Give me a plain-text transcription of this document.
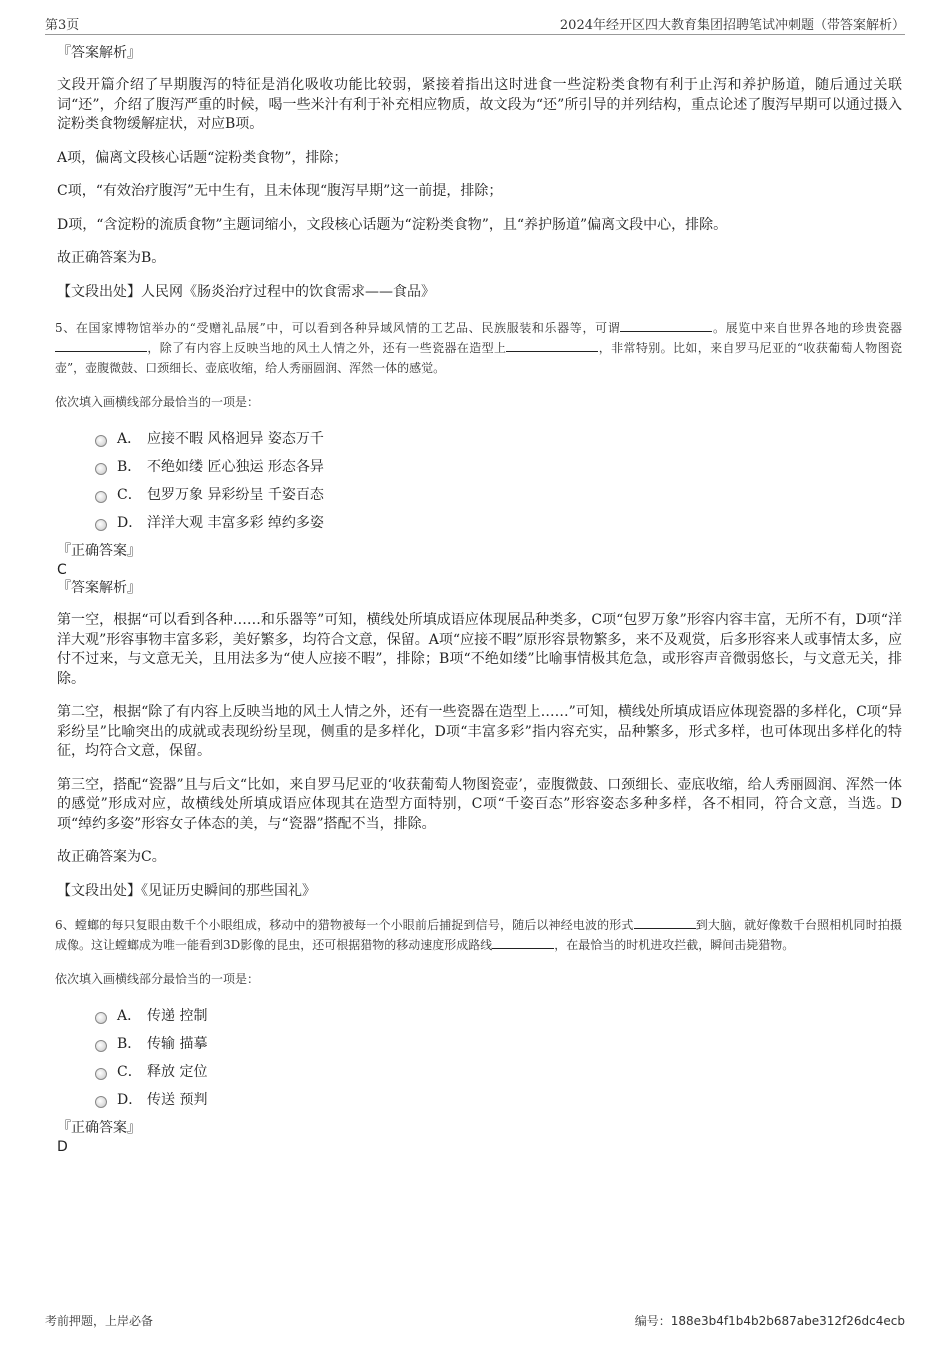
第3页	2024年经开区四大教育集团招聘笔试冲刺题（带答案解析）
『答案解析』

文段开篇介绍了早期腹泻的特征是消化吸收功能比较弱，紧接着指出这时进食一些淀粉类食物有利于止泻和养护肠道，随后通过关联词“还”，介绍了腹泻严重的时候，喝一些米汁有利于补充相应物质，故文段为“还”所引导的并列结构，重点论述了腹泻早期可以通过摄入淀粉类食物缓解症状，对应B项。

A项，偏离文段核心话题“淀粉类食物”，排除；

C项，“有效治疗腹泻”无中生有，且未体现“腹泻早期”这一前提，排除；

D项，“含淀粉的流质食物”主题词缩小，文段核心话题为“淀粉类食物”，且“养护肠道”偏离文段中心，排除。

故正确答案为B。

【文段出处】人民网《肠炎治疗过程中的饮食需求——食品》

5、在国家博物馆举办的“受赠礼品展”中，可以看到各种异域风情的工艺品、民族服装和乐器等，可谓	。展览中来自世界各地的珍贵瓷器，除了有内容上反映当地的风土人情之外，还有一些瓷器在造型上	，非常特别。比如，来自罗马尼亚的“收获葡萄人物图瓷壶”，壶腹微鼓、口颈细长、壶底收缩，给人秀丽圆润、浑然一体的感觉。

依次填入画横线部分最恰当的一项是：

A． 应接不暇 风格迥异 姿态万千
B． 不绝如缕 匠心独运 形态各异
C． 包罗万象 异彩纷呈 千姿百态
D． 洋洋大观 丰富多彩 绰约多姿
『正确答案』
C
『答案解析』

第一空，根据“可以看到各种……和乐器等”可知，横线处所填成语应体现展品种类多，C项“包罗万象”形容内容丰富，无所不有，D项“洋洋大观”形容事物丰富多彩，美好繁多，均符合文意，保留。A项“应接不暇”原形容景物繁多，来不及观赏，后多形容来人或事情太多，应付不过来，与文意无关，且用法多为“使人应接不暇”，排除；B项“不绝如缕”比喻事情极其危急，或形容声音微弱悠长，与文意无关，排除。

第二空，根据“除了有内容上反映当地的风土人情之外，还有一些瓷器在造型上……”可知，横线处所填成语应体现瓷器的多样化，C项“异彩纷呈”比喻突出的成就或表现纷纷呈现，侧重的是多样化，D项“丰富多彩”指内容充实，品种繁多，形式多样，也可体现出多样化的特征，均符合文意，保留。

第三空，搭配“瓷器”且与后文“比如，来自罗马尼亚的‘收获葡萄人物图瓷壶’，壶腹微鼓、口颈细长、壶底收缩，给人秀丽圆润、浑然一体的感觉”形成对应，故横线处所填成语应体现其在造型方面特别，C项“千姿百态”形容姿态多种多样，各不相同，符合文意，当选。D项“绰约多姿”形容女子体态的美，与“瓷器”搭配不当，排除。

故正确答案为C。

【文段出处】《见证历史瞬间的那些国礼》

6、螳螂的每只复眼由数千个小眼组成，移动中的猎物被每一个小眼前后捕捉到信号，随后以神经电波的形式	到大脑，就好像数千台照相机同时拍摄成像。这让螳螂成为唯一能看到3D影像的昆虫，还可根据猎物的移动速度形成路线	，在最恰当的时机进攻拦截，瞬间击毙猎物。

依次填入画横线部分最恰当的一项是：

A． 传递 控制
B． 传输 描摹
C． 释放 定位
D． 传送 预判
『正确答案』
D
考前押题，上岸必备	编号：188e3b4f1b4b2b687abe312f26dc4ecb
